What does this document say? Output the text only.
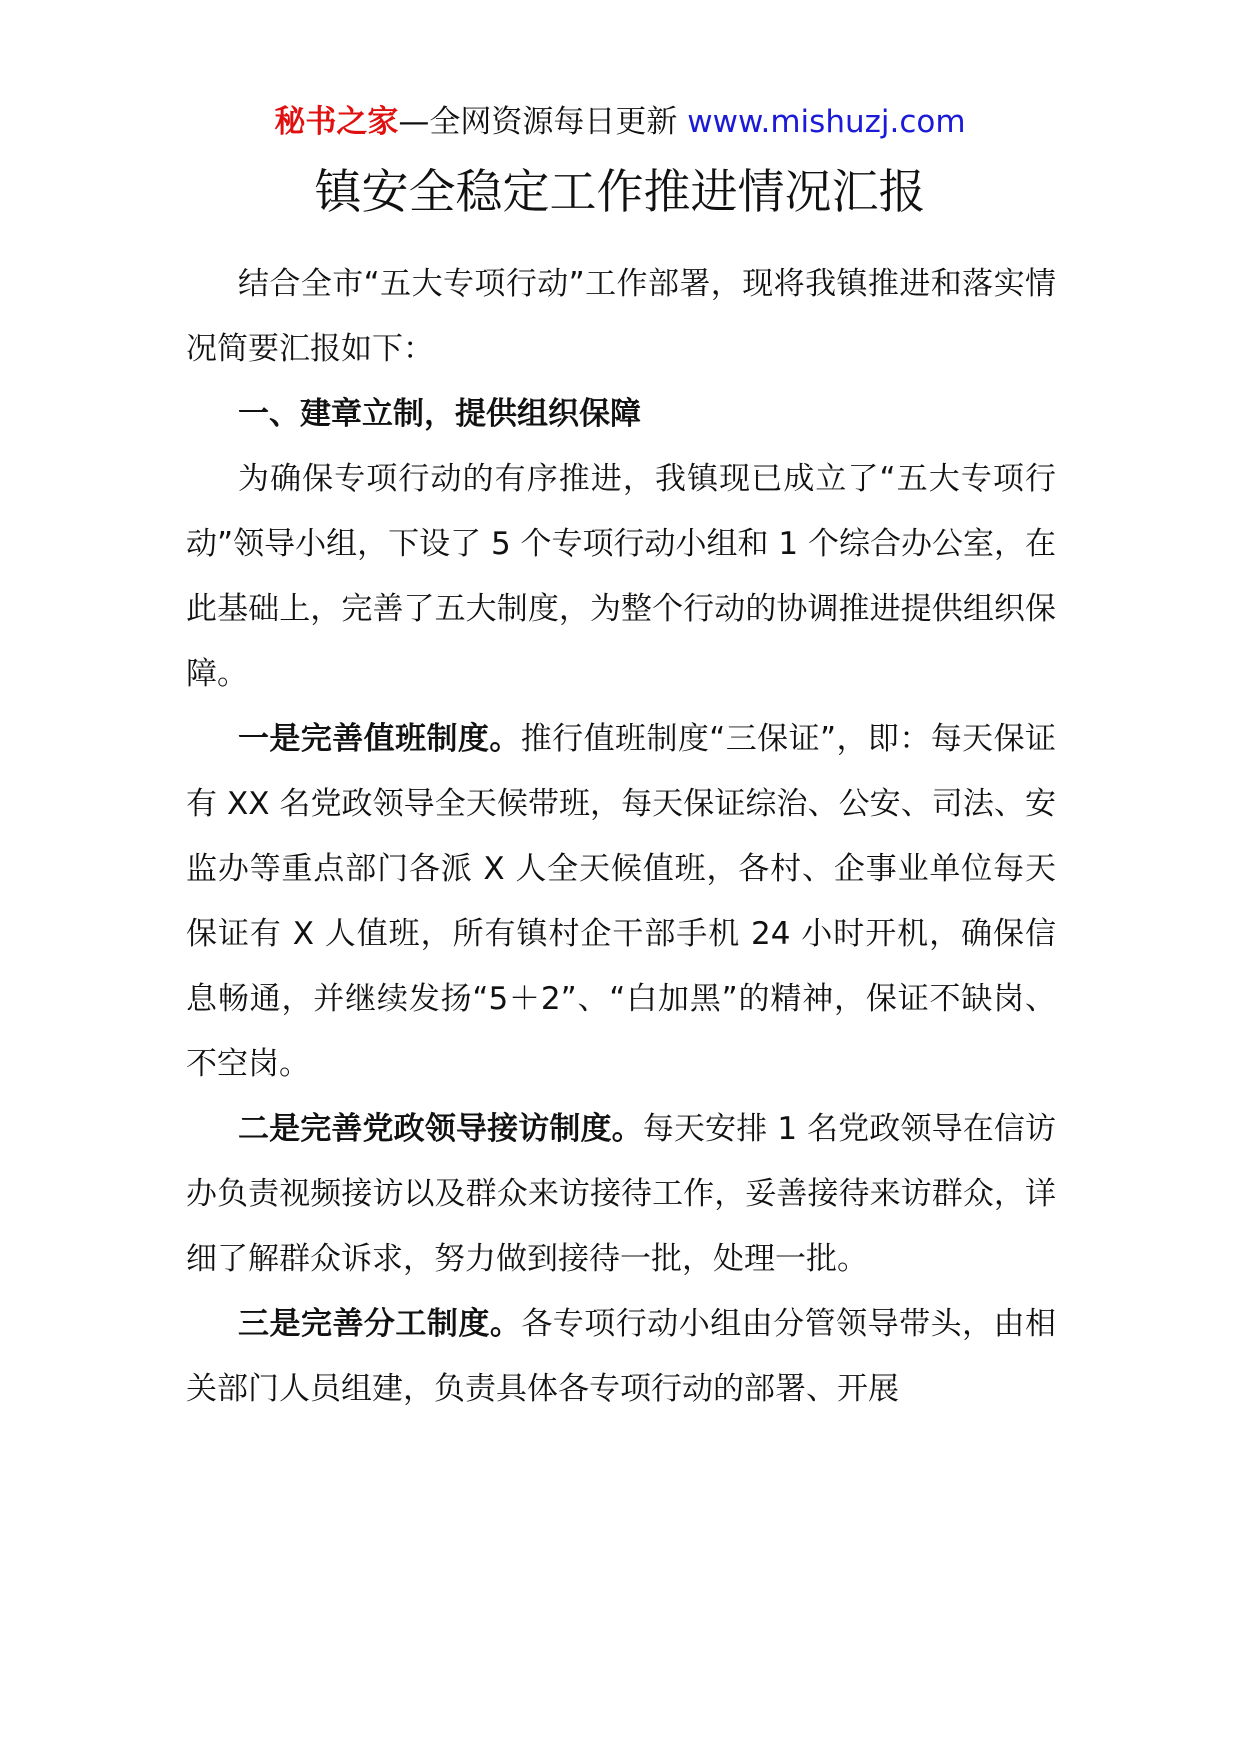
秘书之家—全网资源每日更新 www.mishuzj.com
镇安全稳定工作推进情况汇报

结合全市“五大专项行动”工作部署，现将我镇推进和落实情况简要汇报如下：

一、建章立制，提供组织保障

为确保专项行动的有序推进，我镇现已成立了“五大专项行动”领导小组，下设了 5 个专项行动小组和 1 个综合办公室，在此基础上，完善了五大制度，为整个行动的协调推进提供组织保障。

一是完善值班制度。推行值班制度“三保证”，即：每天保证有 XX 名党政领导全天候带班，每天保证综治、公安、司法、安监办等重点部门各派 X 人全天候值班，各村、企事业单位每天保证有 X 人值班，所有镇村企干部手机 24 小时开机，确保信息畅通，并继续发扬“5＋2”、“白加黑”的精神，保证不缺岗、不空岗。

二是完善党政领导接访制度。每天安排 1 名党政领导在信访办负责视频接访以及群众来访接待工作，妥善接待来访群众，详细了解群众诉求，努力做到接待一批，处理一批。

三是完善分工制度。各专项行动小组由分管领导带头，由相关部门人员组建，负责具体各专项行动的部署、开展
